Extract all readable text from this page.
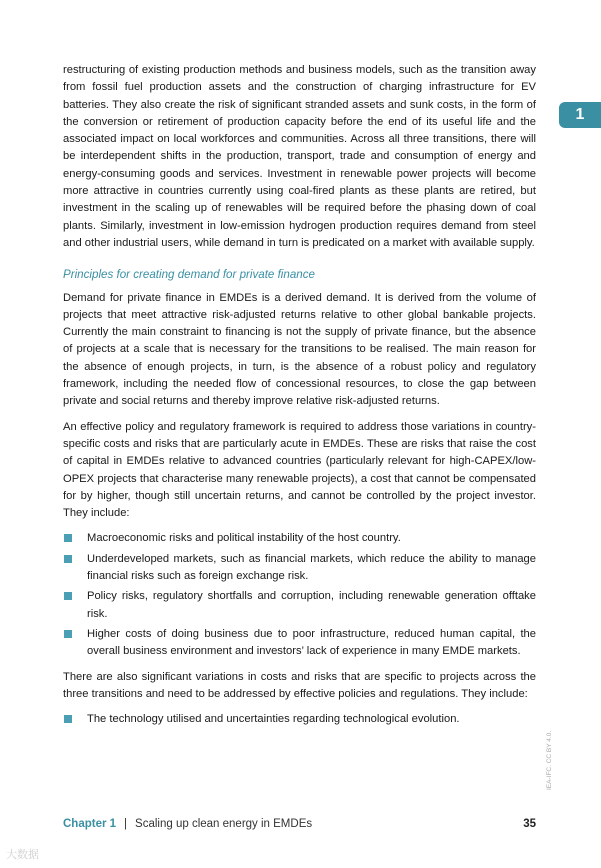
1

restructuring of existing production methods and business models, such as the transition away from fossil fuel production assets and the construction of charging infrastructure for EV batteries. They also create the risk of significant stranded assets and sunk costs, in the form of the conversion or retirement of production capacity before the end of its useful life and the associated impact on local workforces and communities. Across all three transitions, there will be interdependent shifts in the production, transport, trade and consumption of energy and energy-consuming goods and services. Investment in renewable power projects will become more attractive in countries currently using coal-fired plants as these plants are retired, but investment in the scaling up of renewables will be required before the phasing down of coal plants. Similarly, investment in low-emission hydrogen production requires demand from steel and other industrial users, while demand in turn is predicated on a market with available supply.

Principles for creating demand for private finance

Demand for private finance in EMDEs is a derived demand. It is derived from the volume of projects that meet attractive risk-adjusted returns relative to other global bankable projects. Currently the main constraint to financing is not the supply of private finance, but the absence of projects at a scale that is necessary for the transitions to be realised. The main reason for the absence of enough projects, in turn, is the absence of a robust policy and regulatory framework, including the needed flow of concessional resources, to close the gap between private and social returns and thereby improve relative risk-adjusted returns.

An effective policy and regulatory framework is required to address those variations in country-specific costs and risks that are particularly acute in EMDEs. These are risks that raise the cost of capital in EMDEs relative to advanced countries (particularly relevant for high-CAPEX/low-OPEX projects that characterise many renewable projects), a cost that cannot be compensated for by higher, though still uncertain returns, and cannot be controlled by the project investor. They include:

Macroeconomic risks and political instability of the host country.
Underdeveloped markets, such as financial markets, which reduce the ability to manage financial risks such as foreign exchange risk.
Policy risks, regulatory shortfalls and corruption, including renewable generation offtake risk.
Higher costs of doing business due to poor infrastructure, reduced human capital, the overall business environment and investors’ lack of experience in many EMDE markets.

There are also significant variations in costs and risks that are specific to projects across the three transitions and need to be addressed by effective policies and regulations. They include:

The technology utilised and uncertainties regarding technological evolution.
IEA-IFC. CC BY 4.0.
Chapter 1 | Scaling up clean energy in EMDEs	35
大数据
